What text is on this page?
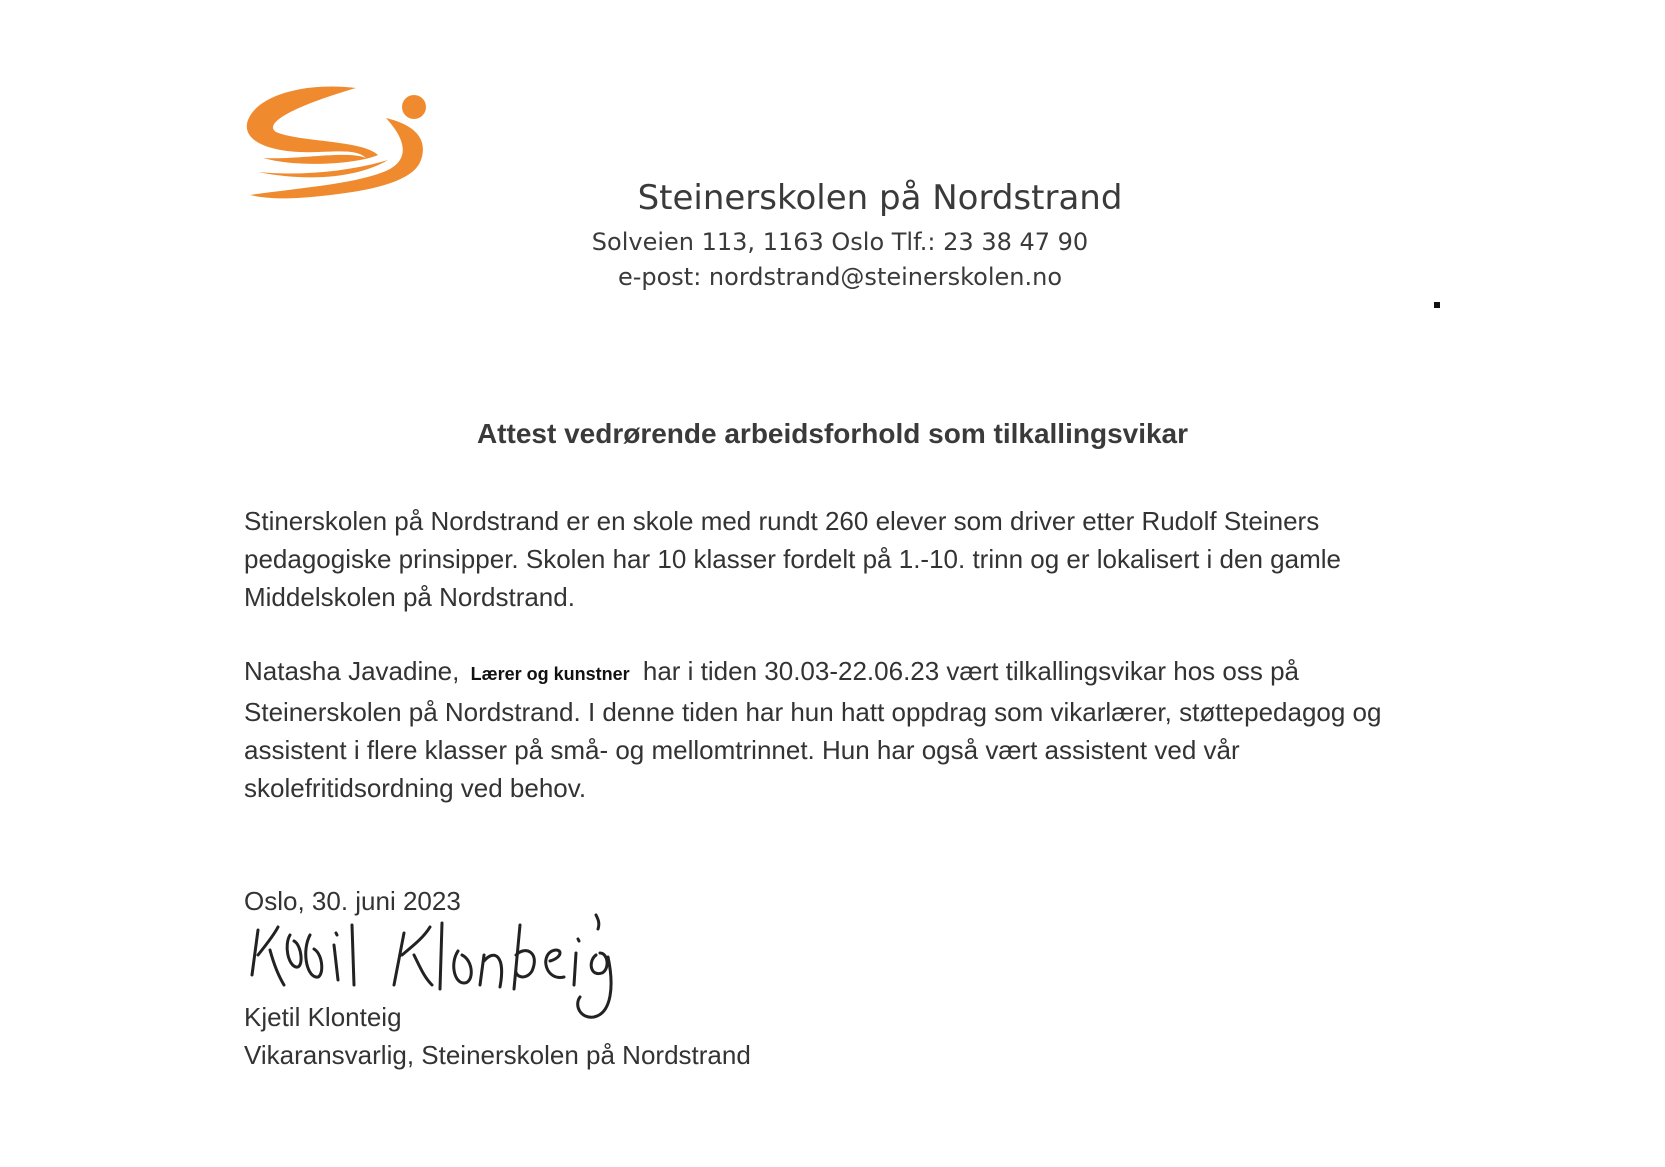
Steinerskolen på Nordstrand
Solveien 113, 1163 Oslo Tlf.: 23 38 47 90
e-post: nordstrand@steinerskolen.no
Attest vedrørende arbeidsforhold som tilkallingsvikar

Stinerskolen på Nordstrand er en skole med rundt 260 elever som driver etter Rudolf Steiners pedagogiske prinsipper. Skolen har 10 klasser fordelt på 1.-10. trinn og er lokalisert i den gamle Middelskolen på Nordstrand.

Natasha Javadine, Lærer og kunstner har i tiden 30.03-22.06.23 vært tilkallingsvikar hos oss på Steinerskolen på Nordstrand. I denne tiden har hun hatt oppdrag som vikarlærer, støttepedagog og assistent i flere klasser på små- og mellomtrinnet. Hun har også vært assistent ved vår skolefritidsordning ved behov.

Oslo, 30. juni 2023
Kjetil Klonteig
Vikaransvarlig, Steinerskolen på Nordstrand
